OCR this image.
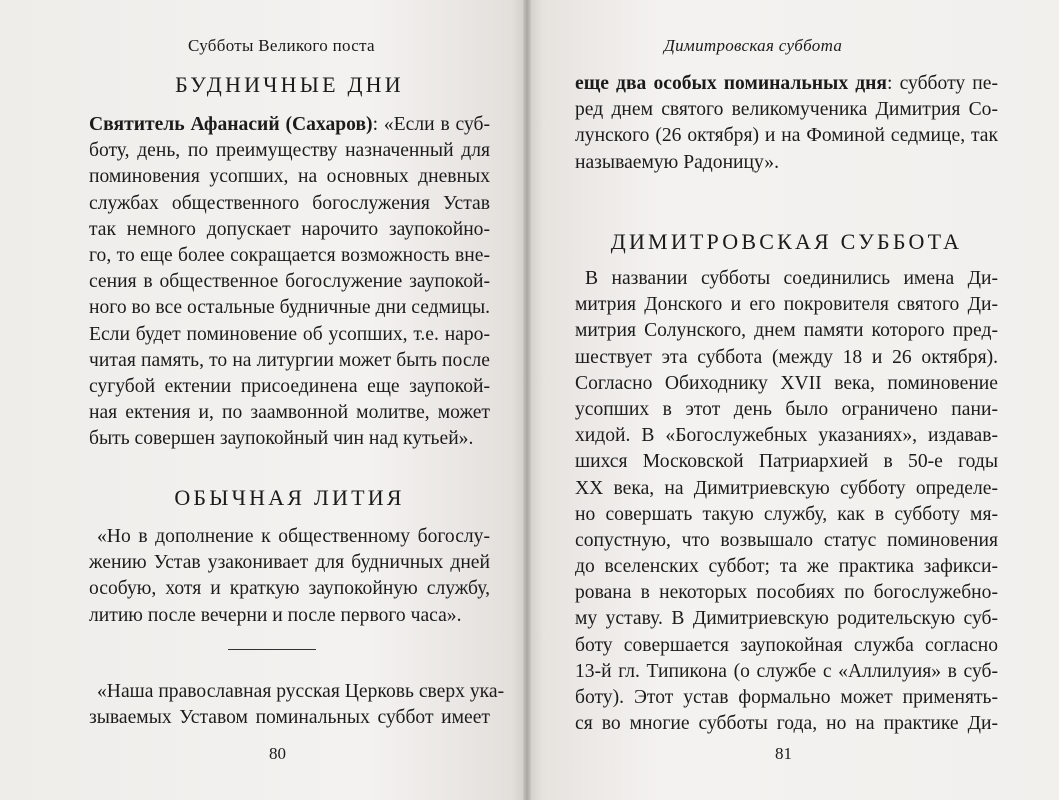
Субботы Великого поста
БУДНИЧНЫЕ ДНИ
Святитель Афанасий (Сахаров): «Если в суб-
боту, день, по преимуществу назначенный для
поминовения усопших, на основных дневных
службах общественного богослужения Устав
так немного допускает нарочито заупокойно-
го, то еще более сокращается возможность вне-
сения в общественное богослужение заупокой-
ного во все остальные будничные дни седмицы.
Если будет поминовение об усопших, т.е. наро-
читая память, то на литургии может быть после
сугубой ектении присоединена еще заупокой-
ная ектения и, по заамвонной молитве, может
быть совершен заупокойный чин над кутьей».
ОБЫЧНАЯ ЛИТИЯ
«Но в дополнение к общественному богослу-
жению Устав узаконивает для будничных дней
особую, хотя и краткую заупокойную службу,
литию после вечерни и после первого часа».
«Наша православная русская Церковь сверх ука-
зываемых Уставом поминальных суббот имеет
80
Димитровская суббота
еще два особых поминальных дня: субботу пе-
ред днем святого великомученика Димитрия Со-
лунского (26 октября) и на Фоминой седмице, так
называемую Радоницу».
ДИМИТРОВСКАЯ СУББОТА
В названии субботы соединились имена Ди-
митрия Донского и его покровителя святого Ди-
митрия Солунского, днем памяти которого пред-
шествует эта суббота (между 18 и 26 октября).
Согласно Обиходнику XVII века, поминовение
усопших в этот день было ограничено пани-
хидой. В «Богослужебных указаниях», издавав-
шихся Московской Патриархией в 50-е годы
XX века, на Димитриевскую субботу определе-
но совершать такую службу, как в субботу мя-
сопустную, что возвышало статус поминовения
до вселенских суббот; та же практика зафикси-
рована в некоторых пособиях по богослужебно-
му уставу. В Димитриевскую родительскую суб-
боту совершается заупокойная служба согласно
13-й гл. Типикона (о службе с «Аллилуия» в суб-
боту). Этот устав формально может применять-
ся во многие субботы года, но на практике Ди-
81
